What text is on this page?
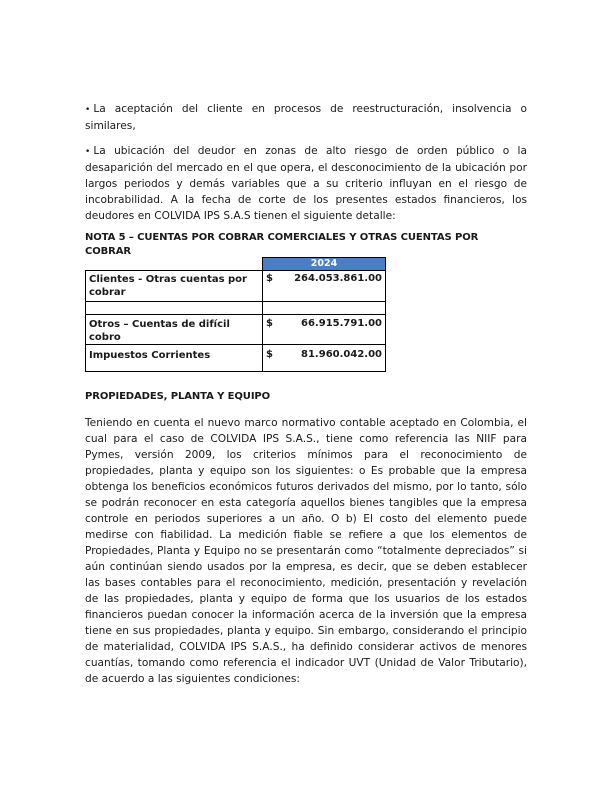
• La aceptación del cliente en procesos de reestructuración, insolvencia o similares,

• La ubicación del deudor en zonas de alto riesgo de orden público o la desaparición del mercado en el que opera, el desconocimiento de la ubicación por largos periodos y demás variables que a su criterio influyan en el riesgo de incobrabilidad. A la fecha de corte de los presentes estados financieros, los deudores en COLVIDA IPS S.A.S tienen el siguiente detalle:

NOTA 5 – CUENTAS POR COBRAR COMERCIALES Y OTRAS CUENTAS POR COBRAR

	2024	
Clientes - Otras cuentas por cobrar	$	264.053.861.00

Otros – Cuentas de difícil cobro	$	66.915.791.00
Impuestos Corrientes	$	81.960.042.00

PROPIEDADES, PLANTA Y EQUIPO

Teniendo en cuenta el nuevo marco normativo contable aceptado en Colombia, el cual para el caso de COLVIDA IPS S.A.S., tiene como referencia las NIIF para Pymes, versión 2009, los criterios mínimos para el reconocimiento de propiedades, planta y equipo son los siguientes: o Es probable que la empresa obtenga los beneficios económicos futuros derivados del mismo, por lo tanto, sólo se podrán reconocer en esta categoría aquellos bienes tangibles que la empresa controle en periodos superiores a un año. O b) El costo del elemento puede medirse con fiabilidad. La medición fiable se refiere a que los elementos de Propiedades, Planta y Equipo no se presentarán como “totalmente depreciados” si aún continúan siendo usados por la empresa, es decir, que se deben establecer las bases contables para el reconocimiento, medición, presentación y revelación de las propiedades, planta y equipo de forma que los usuarios de los estados financieros puedan conocer la información acerca de la inversión que la empresa tiene en sus propiedades, planta y equipo. Sin embargo, considerando el principio de materialidad, COLVIDA IPS S.A.S., ha definido considerar activos de menores cuantías, tomando como referencia el indicador UVT (Unidad de Valor Tributario), de acuerdo a las siguientes condiciones:
